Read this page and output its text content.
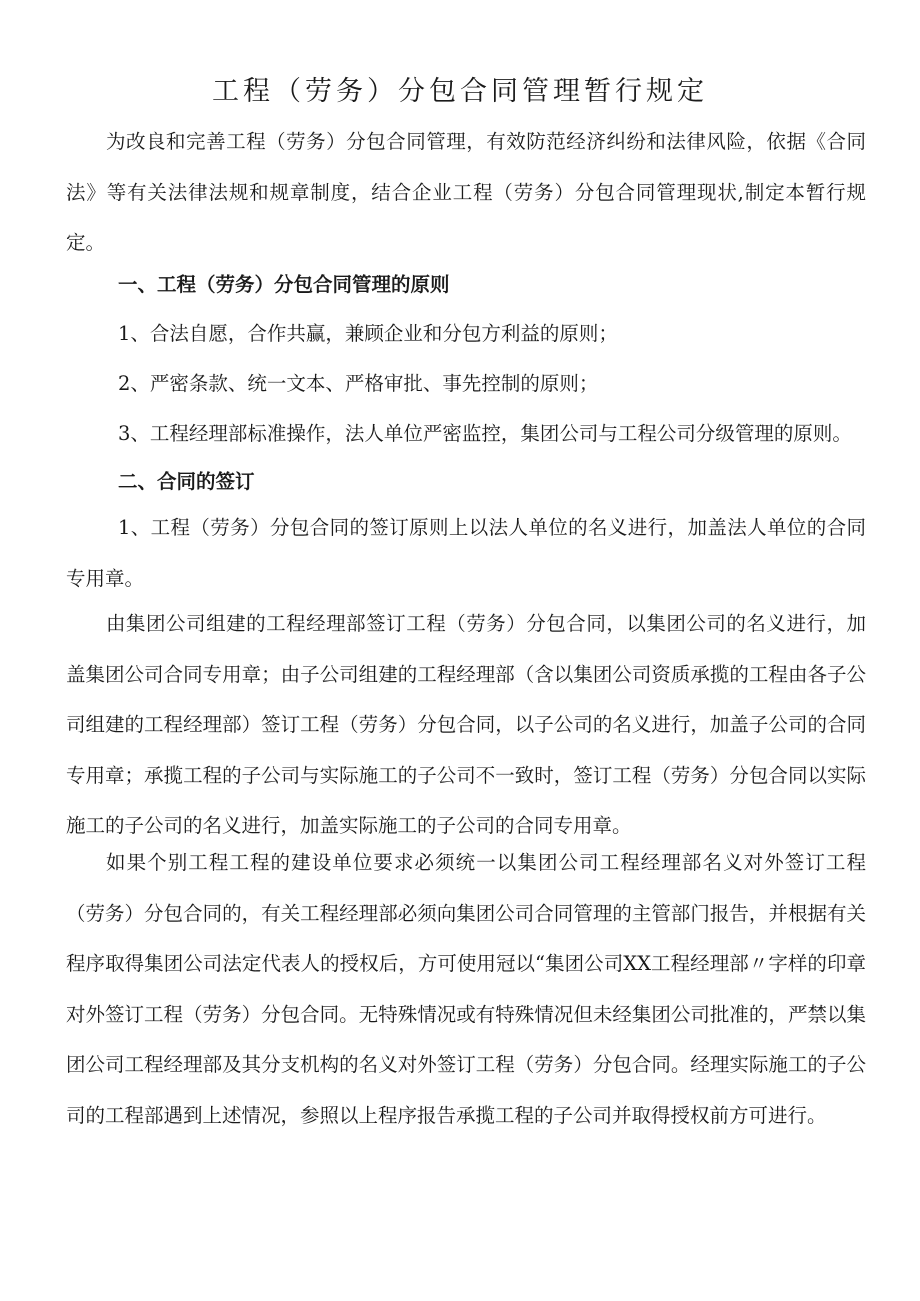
工程（劳务）分包合同管理暂行规定

为改良和完善工程（劳务）分包合同管理，有效防范经济纠纷和法律风险，依据《合同法》等有关法律法规和规章制度，结合企业工程（劳务）分包合同管理现状,制定本暂行规定。

一、工程（劳务）分包合同管理的原则

1、合法自愿，合作共赢，兼顾企业和分包方利益的原则；

2、严密条款、统一文本、严格审批、事先控制的原则；

3、工程经理部标准操作，法人单位严密监控，集团公司与工程公司分级管理的原则。

二、合同的签订

1、工程（劳务）分包合同的签订原则上以法人单位的名义进行，加盖法人单位的合同专用章。

由集团公司组建的工程经理部签订工程（劳务）分包合同，以集团公司的名义进行，加盖集团公司合同专用章；由子公司组建的工程经理部（含以集团公司资质承揽的工程由各子公司组建的工程经理部）签订工程（劳务）分包合同，以子公司的名义进行，加盖子公司的合同专用章；承揽工程的子公司与实际施工的子公司不一致时，签订工程（劳务）分包合同以实际施工的子公司的名义进行，加盖实际施工的子公司的合同专用章。

如果个别工程工程的建设单位要求必须统一以集团公司工程经理部名义对外签订工程（劳务）分包合同的，有关工程经理部必须向集团公司合同管理的主管部门报告，并根据有关程序取得集团公司法定代表人的授权后，方可使用冠以“集团公司XX工程经理部〃字样的印章对外签订工程（劳务）分包合同。无特殊情况或有特殊情况但未经集团公司批准的，严禁以集团公司工程经理部及其分支机构的名义对外签订工程（劳务）分包合同。经理实际施工的子公司的工程部遇到上述情况，参照以上程序报告承揽工程的子公司并取得授权前方可进行。
